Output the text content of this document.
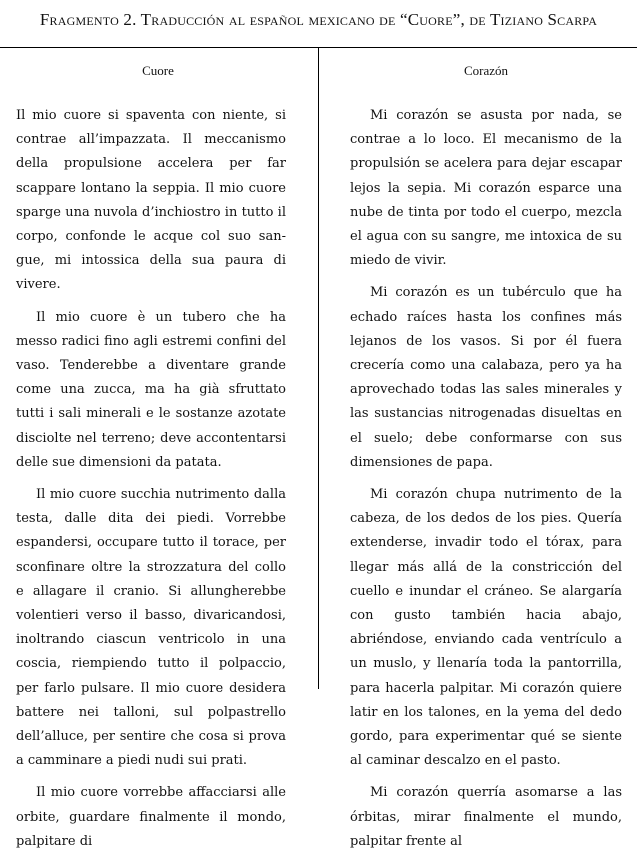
Fragmento 2. Traducción al español mexicano de “Cuore”, de Tiziano Scarpa
Cuore	Corazón

Il mio cuore si spaventa con niente, si contrae all’impazzata. Il meccanismo della propulsione accelera per far scappare lontano la seppia. Il mio cuore sparge una nuvola d’inchiostro in tutto il corpo, confonde le acque col suo sangue, mi intossica della sua paura di vivere.

Il mio cuore è un tubero che ha messo radici fino agli estremi confini del vaso. Tenderebbe a diventare grande come una zucca, ma ha già sfruttato tutti i sali minerali e le sostanze azotate disciolte nel terreno; deve accontentarsi delle sue dimensioni da patata.

Il mio cuore succhia nutrimento dalla testa, dalle dita dei piedi. Vorrebbe espandersi, occupare tutto il torace, per sconfinare oltre la strozzatura del collo e allagare il cranio. Si allungherebbe volentieri verso il basso, divaricandosi, inoltrando ciascun ventricolo in una coscia, riempiendo tutto il polpaccio, per farlo pulsare. Il mio cuore desidera battere nei talloni, sul polpastrello dell’alluce, per sentire che cosa si prova a camminare a piedi nudi sui prati.

Il mio cuore vorrebbe affacciarsi alle orbite, guardare finalmente il mondo, palpitare di

Mi corazón se asusta por nada, se contrae a lo loco. El mecanismo de la propulsión se acelera para dejar escapar lejos la sepia. Mi corazón esparce una nube de tinta por todo el cuerpo, mezcla el agua con su sangre, me intoxica de su miedo de vivir.

Mi corazón es un tubérculo que ha echado raíces hasta los confines más lejanos de los vasos. Si por él fuera crecería como una calabaza, pero ya ha aprovechado todas las sales minerales y las sustancias nitrogenadas disueltas en el suelo; debe conformarse con sus dimensiones de papa.

Mi corazón chupa nutrimento de la cabeza, de los dedos de los pies. Quería extenderse, invadir todo el tórax, para llegar más allá de la constricción del cuello e inundar el cráneo. Se alargaría con gusto también hacia abajo, abriéndose, enviando cada ventrículo a un muslo, y llenaría toda la pantorrilla, para hacerla palpitar. Mi corazón quiere latir en los talones, en la yema del dedo gordo, para experimentar qué se siente al caminar descalzo en el pasto.

Mi corazón querría asomarse a las órbitas, mirar finalmente el mundo, palpitar frente al
